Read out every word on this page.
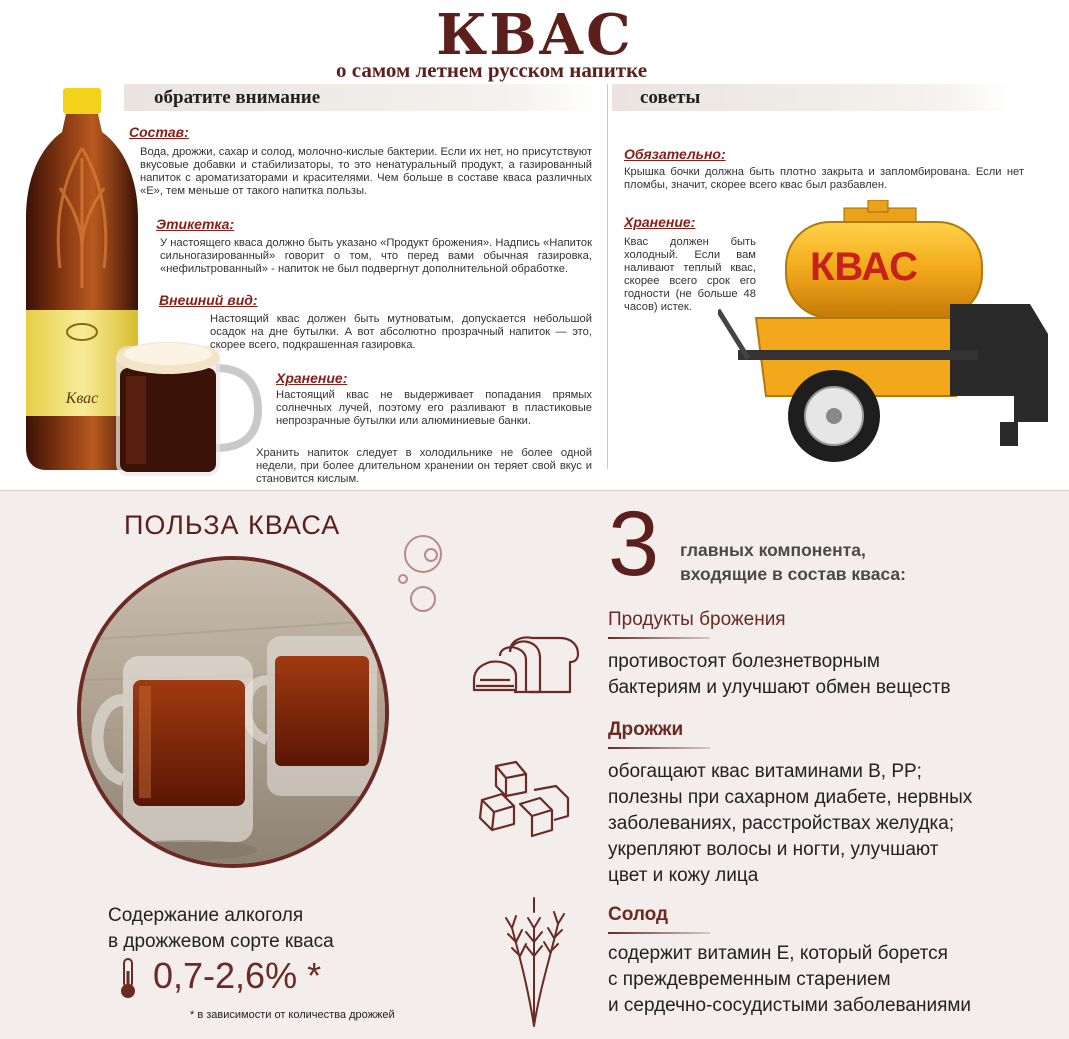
КВАС
о самом летнем русском напитке
обратите внимание	советы
Квас
Состав:
Вода, дрожжи, сахар и солод, молочно-кислые бактерии. Если их нет, но присутствуют вкусовые добавки и стабилизаторы, то это ненатуральный продукт, а газированный напиток с ароматизаторами и красителями. Чем больше в составе кваса различных «Е», тем меньше от такого напитка пользы.
Этикетка:
У настоящего кваса должно быть указано «Продукт брожения». Надпись «Напиток сильногазированный» говорит о том, что перед вами обычная газировка, «нефильтрованный» - напиток не был подвергнут дополнительной обработке.
Внешний вид:
Настоящий квас должен быть мутноватым, допускается небольшой осадок на дне бутылки. А вот абсолютно прозрачный напиток — это, скорее всего, подкрашенная газировка.
Хранение:
Настоящий квас не выдерживает попадания прямых солнечных лучей, поэтому его разливают в пластиковые непрозрачные бутылки или алюминиевые банки.
Хранить напиток следует в холодильнике не более одной недели, при более длительном хранении он теряет свой вкус и становится кислым.
Обязательно:
Крышка бочки должна быть плотно закрыта и запломбирована. Если нет пломбы, значит, скорее всего квас был разбавлен.
Хранение:
Квас должен быть холодный. Если вам наливают теплый квас, скорее всего срок его годности (не больше 48 часов) истек.
КВАС
ПОЛЬЗА КВАСА
Содержание алкоголя
в дрожжевом сорте кваса
0,7-2,6% *
* в зависимости от количества дрожжей
3 главных компонента,
входящие в состав кваса:
Продукты брожения
противостоят болезнетворным
бактериям и улучшают обмен веществ
Дрожжи
обогащают квас витаминами B, PP;
полезны при сахарном диабете, нервных
заболеваниях, расстройствах желудка;
укрепляют волосы и ногти, улучшают
цвет и кожу лица
Солод
содержит витамин Е, который борется
с преждевременным старением
и сердечно-сосудистыми заболеваниями
